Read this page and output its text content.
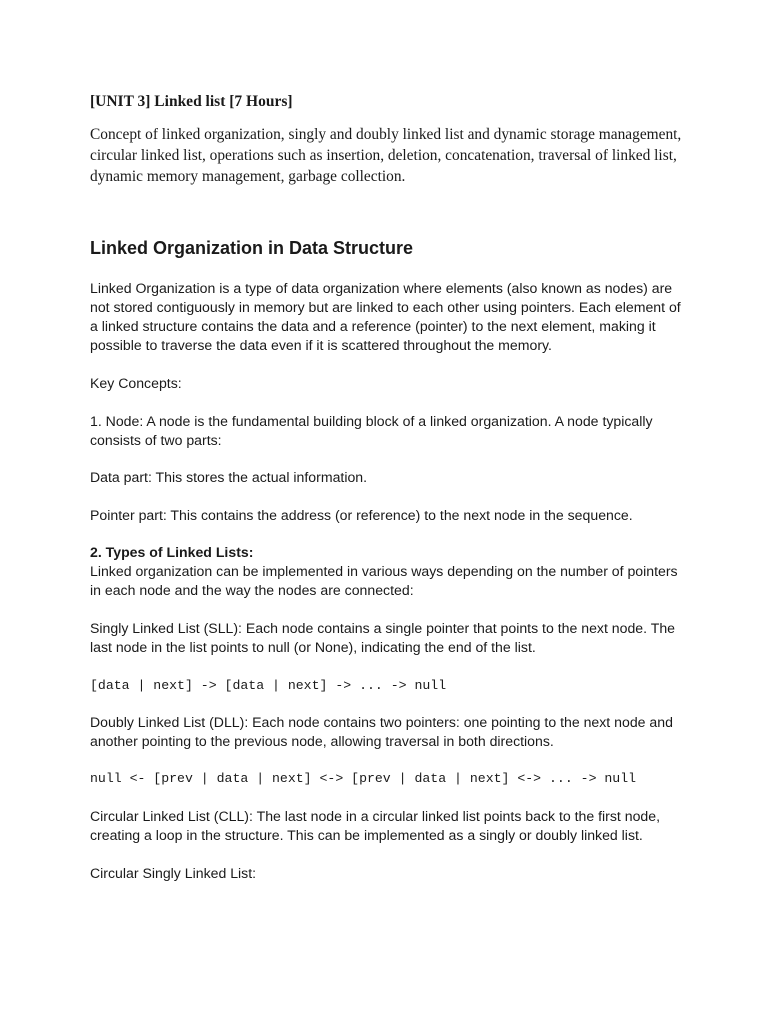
[UNIT 3] Linked list [7 Hours]

Concept of linked organization, singly and doubly linked list and dynamic storage management, circular linked list, operations such as insertion, deletion, concatenation, traversal of linked list, dynamic memory management, garbage collection.

Linked Organization in Data Structure

Linked Organization is a type of data organization where elements (also known as nodes) are not stored contiguously in memory but are linked to each other using pointers. Each element of a linked structure contains the data and a reference (pointer) to the next element, making it possible to traverse the data even if it is scattered throughout the memory.

Key Concepts:

1. Node: A node is the fundamental building block of a linked organization. A node typically consists of two parts:

Data part: This stores the actual information.

Pointer part: This contains the address (or reference) to the next node in the sequence.

2. Types of Linked Lists:
Linked organization can be implemented in various ways depending on the number of pointers in each node and the way the nodes are connected:

Singly Linked List (SLL): Each node contains a single pointer that points to the next node. The last node in the list points to null (or None), indicating the end of the list.

[data | next] -> [data | next] -> ... -> null

Doubly Linked List (DLL): Each node contains two pointers: one pointing to the next node and another pointing to the previous node, allowing traversal in both directions.

null <- [prev | data | next] <-> [prev | data | next] <-> ... -> null

Circular Linked List (CLL): The last node in a circular linked list points back to the first node, creating a loop in the structure. This can be implemented as a singly or doubly linked list.

Circular Singly Linked List:
